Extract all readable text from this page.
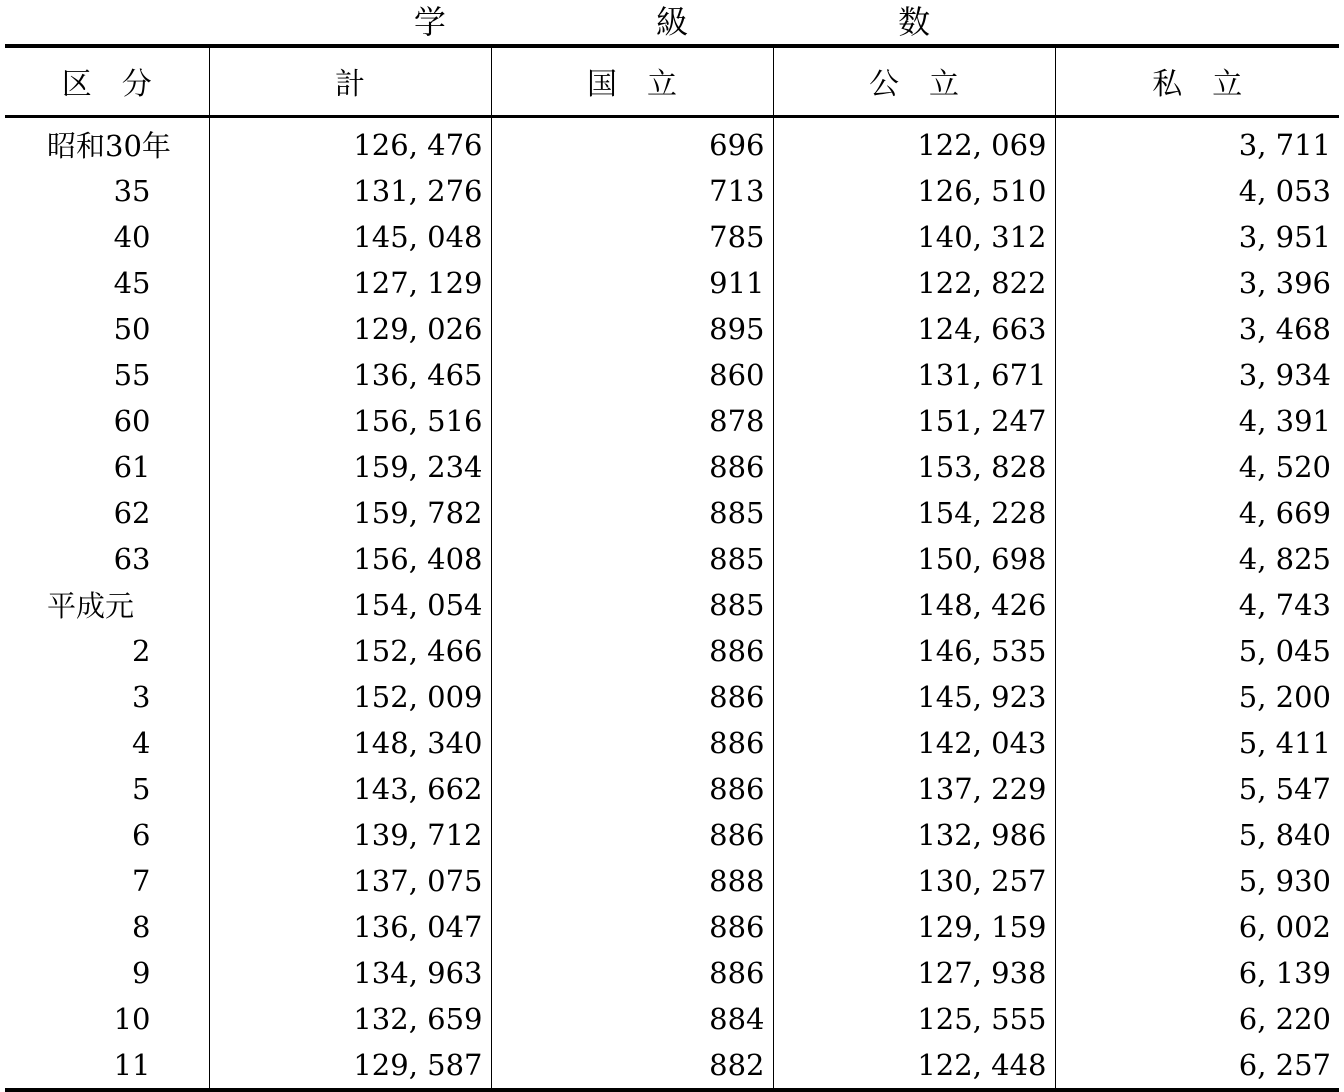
学 級 数
区　分	計	国　立	公　立	私　立
昭和30年	126, 476	696	122, 069	3, 711
35	131, 276	713	126, 510	4, 053
40	145, 048	785	140, 312	3, 951
45	127, 129	911	122, 822	3, 396
50	129, 026	895	124, 663	3, 468
55	136, 465	860	131, 671	3, 934
60	156, 516	878	151, 247	4, 391
61	159, 234	886	153, 828	4, 520
62	159, 782	885	154, 228	4, 669
63	156, 408	885	150, 698	4, 825
平成元	154, 054	885	148, 426	4, 743
2	152, 466	886	146, 535	5, 045
3	152, 009	886	145, 923	5, 200
4	148, 340	886	142, 043	5, 411
5	143, 662	886	137, 229	5, 547
6	139, 712	886	132, 986	5, 840
7	137, 075	888	130, 257	5, 930
8	136, 047	886	129, 159	6, 002
9	134, 963	886	127, 938	6, 139
10	132, 659	884	125, 555	6, 220
11	129, 587	882	122, 448	6, 257
